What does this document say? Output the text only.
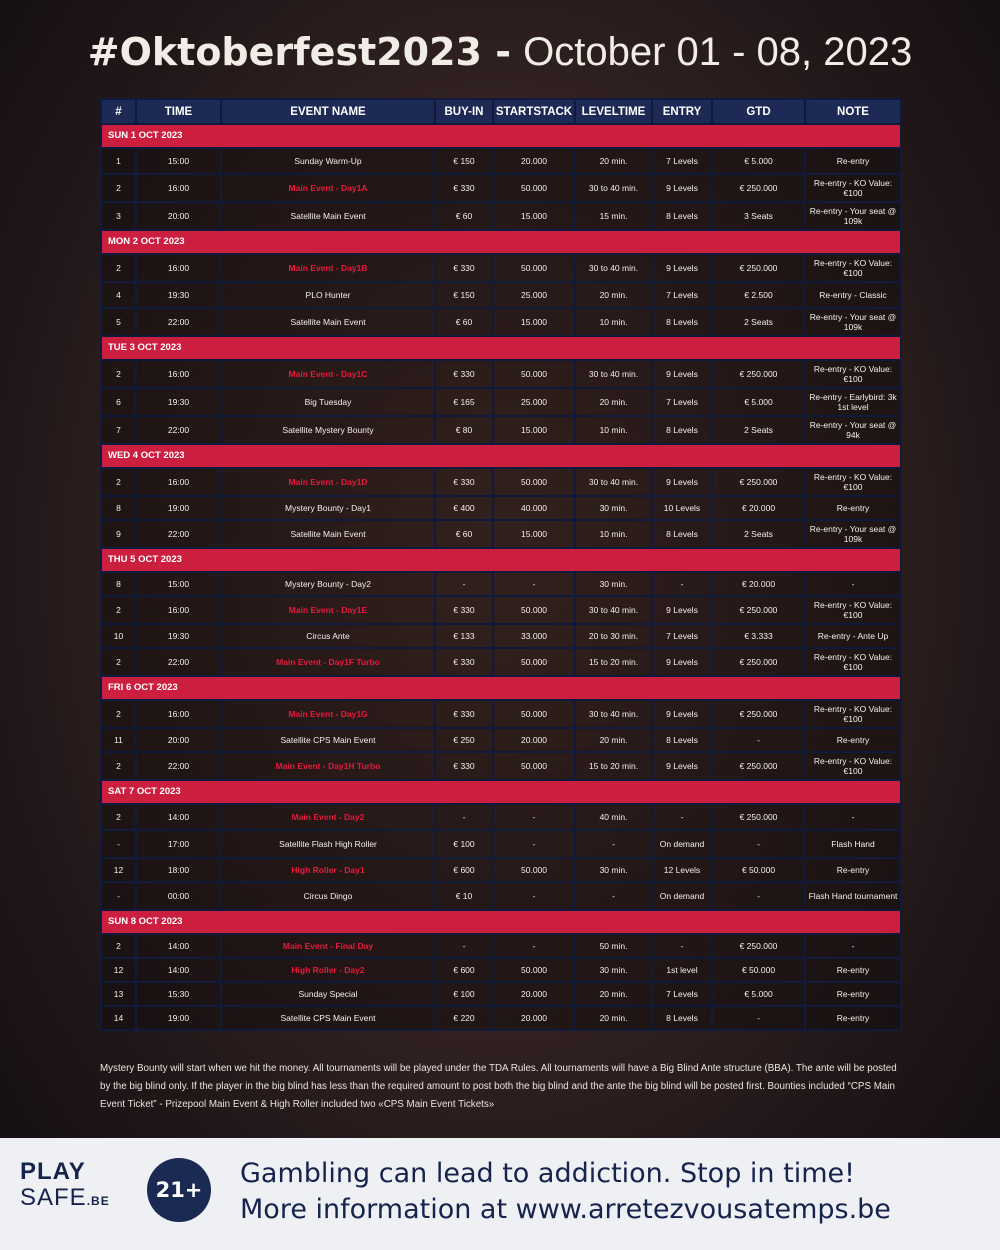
#Oktoberfest2023 - October 01 - 08, 2023
#	TIME	EVENT NAME	BUY-IN	STARTSTACK	LEVELTIME	ENTRY	GTD	NOTE
SUN 1 OCT 2023								
1	15:00	Sunday Warm-Up	€ 150	20.000	20 min.	7 Levels	€ 5.000	Re-entry
2	16:00	Main Event - Day1A	€ 330	50.000	30 to 40 min.	9 Levels	€ 250.000	Re-entry - KO Value: €100
3	20:00	Satellite Main Event	€ 60	15.000	15 min.	8 Levels	3 Seats	Re-entry - Your seat @ 109k
MON 2 OCT 2023								
2	16:00	Main Event - Day1B	€ 330	50.000	30 to 40 min.	9 Levels	€ 250.000	Re-entry - KO Value: €100
4	19:30	PLO Hunter	€ 150	25.000	20 min.	7 Levels	€ 2.500	Re-entry - Classic
5	22:00	Satellite Main Event	€ 60	15.000	10 min.	8 Levels	2 Seats	Re-entry - Your seat @ 109k
TUE 3 OCT 2023								
2	16:00	Main Event - Day1C	€ 330	50.000	30 to 40 min.	9 Levels	€ 250.000	Re-entry - KO Value: €100
6	19:30	Big Tuesday	€ 165	25.000	20 min.	7 Levels	€ 5.000	Re-entry - Earlybird: 3k 1st level
7	22:00	Satellite Mystery Bounty	€ 80	15.000	10 min.	8 Levels	2 Seats	Re-entry - Your seat @ 94k
WED 4 OCT 2023								
2	16:00	Main Event - Day1D	€ 330	50.000	30 to 40 min.	9 Levels	€ 250.000	Re-entry - KO Value: €100
8	19:00	Mystery Bounty - Day1	€ 400	40.000	30 min.	10 Levels	€ 20.000	Re-entry
9	22:00	Satellite Main Event	€ 60	15.000	10 min.	8 Levels	2 Seats	Re-entry - Your seat @ 109k
THU 5 OCT 2023								
8	15:00	Mystery Bounty - Day2	-	-	30 min.	-	€ 20.000	-
2	16:00	Main Event - Day1E	€ 330	50.000	30 to 40 min.	9 Levels	€ 250.000	Re-entry - KO Value: €100
10	19:30	Circus Ante	€ 133	33.000	20 to 30 min.	7 Levels	€ 3.333	Re-entry - Ante Up
2	22:00	Main Event - Day1F Turbo	€ 330	50.000	15 to 20 min.	9 Levels	€ 250.000	Re-entry - KO Value: €100
FRI 6 OCT 2023								
2	16:00	Main Event - Day1G	€ 330	50.000	30 to 40 min.	9 Levels	€ 250.000	Re-entry - KO Value: €100
11	20:00	Satellite CPS Main Event	€ 250	20.000	20 min.	8 Levels	-	Re-entry
2	22:00	Main Event - Day1H Turbo	€ 330	50.000	15 to 20 min.	9 Levels	€ 250.000	Re-entry - KO Value: €100
SAT 7 OCT 2023								
2	14:00	Main Event - Day2	-	-	40 min.	-	€ 250.000	-
-	17:00	Satellite Flash High Roller	€ 100	-	-	On demand	-	Flash Hand
12	18:00	High Roller - Day1	€ 600	50.000	30 min.	12 Levels	€ 50.000	Re-entry
-	00:00	Circus Dingo	€ 10	-	-	On demand	-	Flash Hand tournament
SUN 8 OCT 2023								
2	14:00	Main Event - Final Day	-	-	50 min.	-	€ 250.000	-
12	14:00	High Roller - Day2	€ 600	50.000	30 min.	1st level	€ 50.000	Re-entry
13	15:30	Sunday Special	€ 100	20.000	20 min.	7 Levels	€ 5.000	Re-entry
14	19:00	Satellite CPS Main Event	€ 220	20.000	20 min.	8 Levels	-	Re-entry
Mystery Bounty will start when we hit the money. All tournaments will be played under the TDA Rules. All tournaments will have a Big Blind Ante structure (BBA). The ante will be posted by the big blind only. If the player in the big blind has less than the required amount to post both the big blind and the ante the big blind will be posted first. Bounties included “CPS Main Event Ticket” - Prizepool Main Event & High Roller included two «CPS Main Event Tickets»
PLAY
SAFE.BE	21+
Gambling can lead to addiction. Stop in time!
More information at www.arretezvousatemps.be
